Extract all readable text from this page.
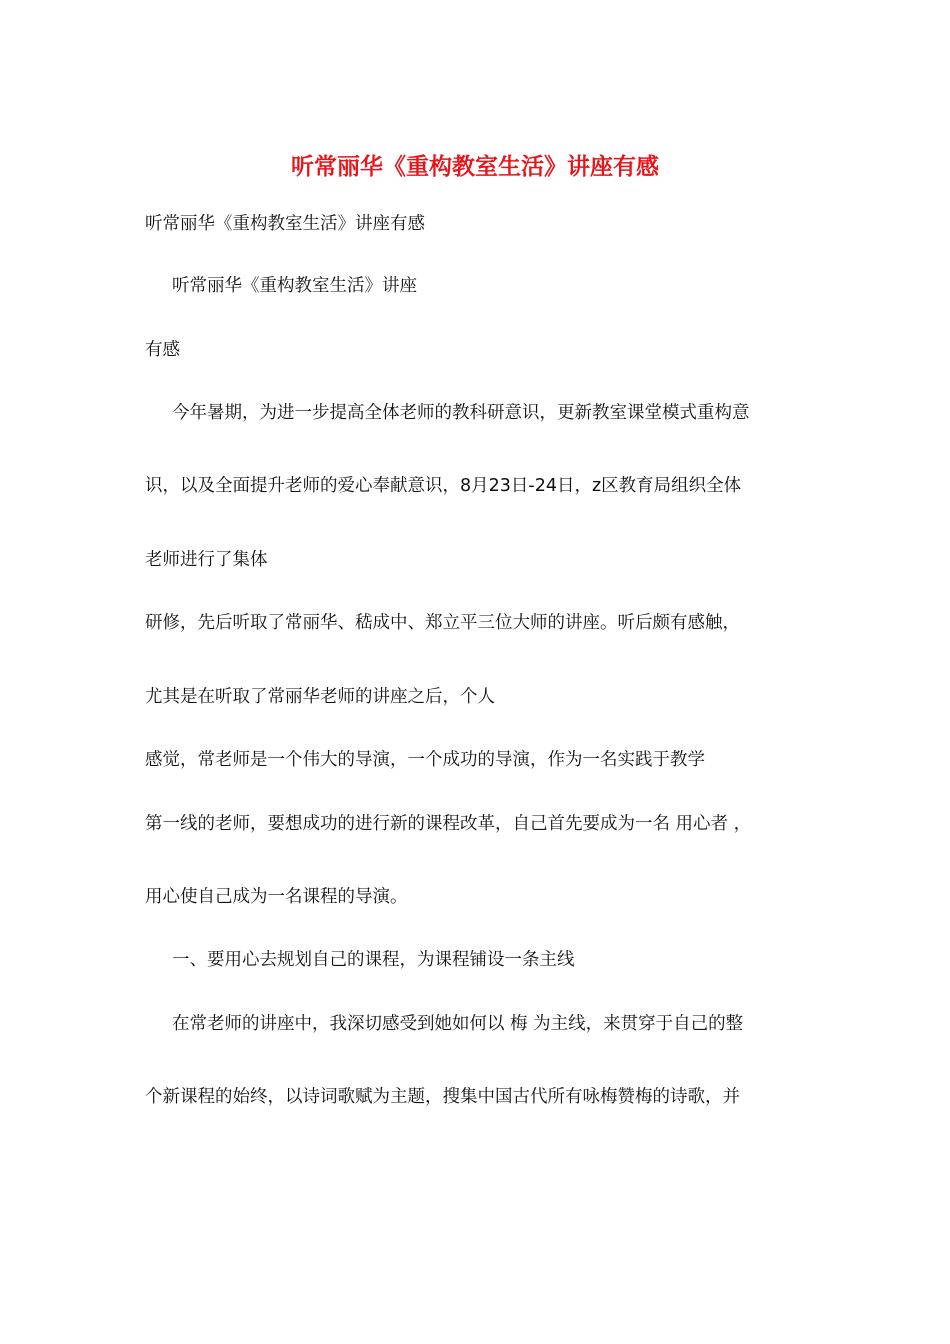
听常丽华《重构教室生活》讲座有感
听常丽华《重构教室生活》讲座有感
听常丽华《重构教室生活》讲座
有感
今年暑期，为进一步提高全体老师的教科研意识，更新教室课堂模式重构意
识，以及全面提升老师的爱心奉献意识，8月23日-24日，z区教育局组织全体
老师进行了集体
研修，先后听取了常丽华、嵇成中、郑立平三位大师的讲座。听后颇有感触，
尤其是在听取了常丽华老师的讲座之后，个人
感觉，常老师是一个伟大的导演，一个成功的导演，作为一名实践于教学
第一线的老师，要想成功的进行新的课程改革，自己首先要成为一名 用心者 ，
用心使自己成为一名课程的导演。
一、要用心去规划自己的课程，为课程铺设一条主线
在常老师的讲座中，我深切感受到她如何以 梅 为主线，来贯穿于自己的整
个新课程的始终，以诗词歌赋为主题，搜集中国古代所有咏梅赞梅的诗歌，并
